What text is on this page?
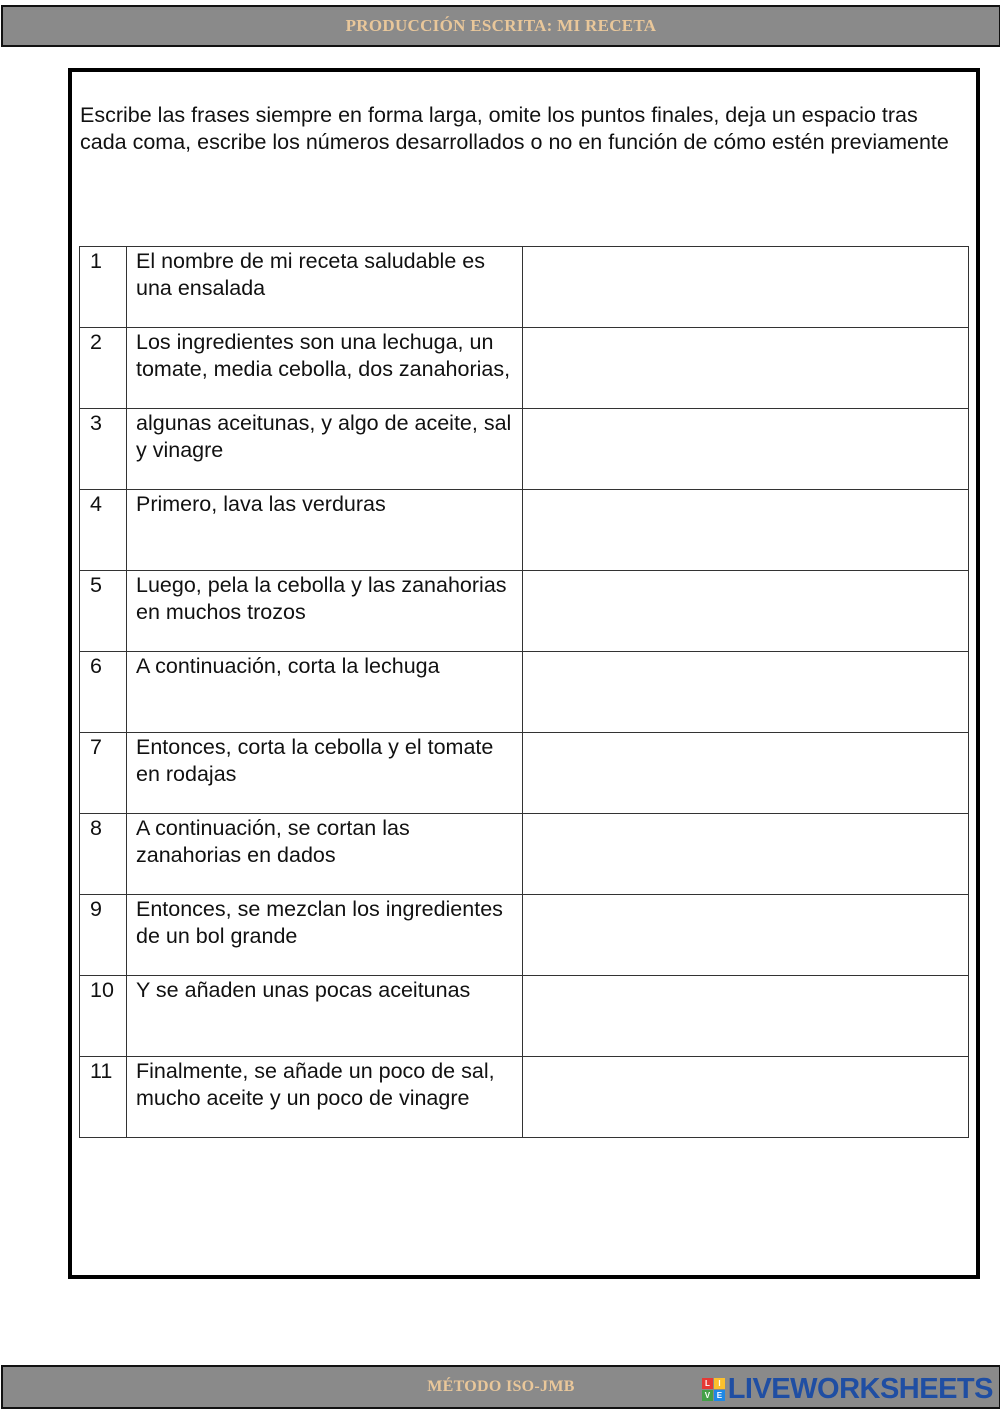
PRODUCCIÓN ESCRITA: MI RECETA

Escribe las frases siempre en forma larga, omite los puntos finales, deja un espacio tras cada coma, escribe los números desarrollados o no en función de cómo estén previamente

1	El nombre de mi receta saludable es una ensalada	
2	Los ingredientes son una lechuga, un tomate, media cebolla, dos zanahorias,	
3	algunas aceitunas, y algo de aceite, sal y vinagre	
4	Primero, lava las verduras	
5	Luego, pela la cebolla y las zanahorias en muchos trozos	
6	A continuación, corta la lechuga	
7	Entonces, corta la cebolla y el tomate en rodajas	
8	A continuación, se cortan las zanahorias en dados	
9	Entonces, se mezclan los ingredientes de un bol grande	
10	Y se añaden unas pocas aceitunas	
11	Finalmente, se añade un poco de sal, mucho aceite y un poco de vinagre	
MÉTODO ISO-JMB	L	I
V E LIVEWORKSHEETS
